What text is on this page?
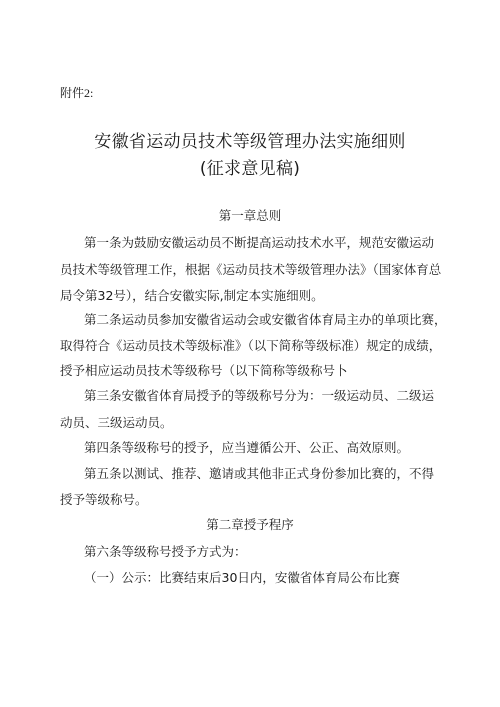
附件2:
安徽省运动员技术等级管理办法实施细则
(征求意见稿)
第一章总则
第一条为鼓励安徽运动员不断提高运动技术水平，规范安徽运动
员技术等级管理工作，根据《运动员技术等级管理办法》（国家体育总
局令第32号），结合安徽实际,制定本实施细则。
第二条运动员参加安徽省运动会或安徽省体育局主办的单项比赛，
取得符合《运动员技术等级标准》（以下简称等级标准）规定的成绩，
授予相应运动员技术等级称号（以下简称等级称号卜
第三条安徽省体育局授予的等级称号分为：一级运动员、二级运
动员、三级运动员。
第四条等级称号的授予，应当遵循公开、公正、高效原则。
第五条以测试、推荐、邀请或其他非正式身份参加比赛的，不得
授予等级称号。
第二章授予程序
第六条等级称号授予方式为：
（一）公示：比赛结束后30日内，安徽省体育局公布比赛
